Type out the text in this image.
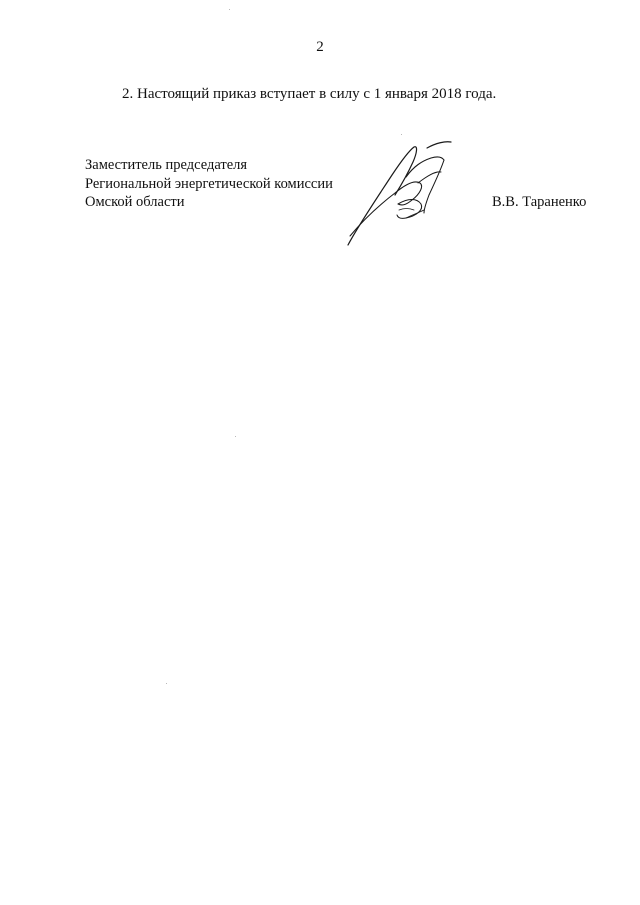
2
2. Настоящий приказ вступает в силу с 1 января 2018 года.
Заместитель председателя
Региональной энергетической комиссии
Омской области	В.В. Тараненко
